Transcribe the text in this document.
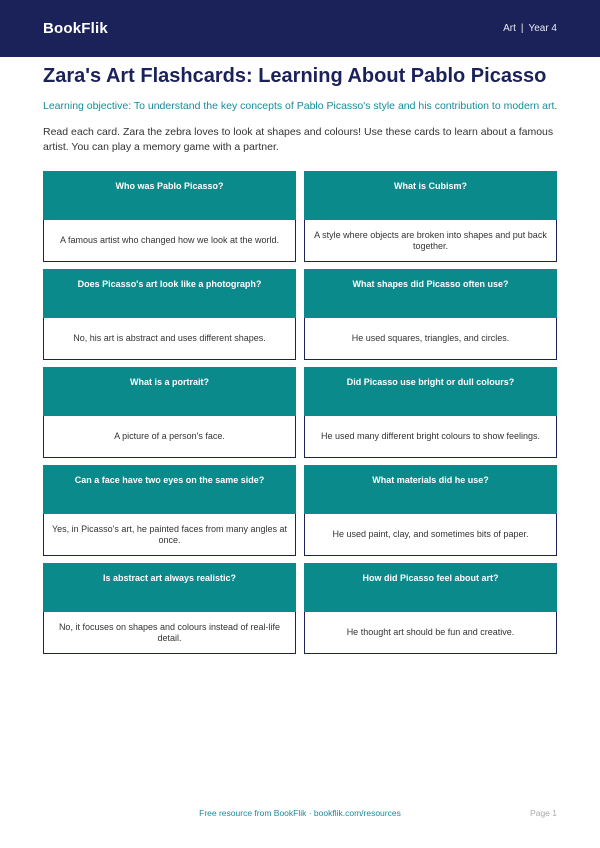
BookFlik	Art | Year 4
Zara's Art Flashcards: Learning About Pablo Picasso
Learning objective: To understand the key concepts of Pablo Picasso's style and his contribution to modern art.
Read each card. Zara the zebra loves to look at shapes and colours! Use these cards to learn about a famous artist. You can play a memory game with a partner.
Who was Pablo Picasso?
A famous artist who changed how we look at the world.
What is Cubism?
A style where objects are broken into shapes and put back together.
Does Picasso's art look like a photograph?
No, his art is abstract and uses different shapes.
What shapes did Picasso often use?
He used squares, triangles, and circles.
What is a portrait?
A picture of a person's face.
Did Picasso use bright or dull colours?
He used many different bright colours to show feelings.
Can a face have two eyes on the same side?
Yes, in Picasso's art, he painted faces from many angles at once.
What materials did he use?
He used paint, clay, and sometimes bits of paper.
Is abstract art always realistic?
No, it focuses on shapes and colours instead of real-life detail.
How did Picasso feel about art?
He thought art should be fun and creative.
Free resource from BookFlik · bookflik.com/resources	Page 1
